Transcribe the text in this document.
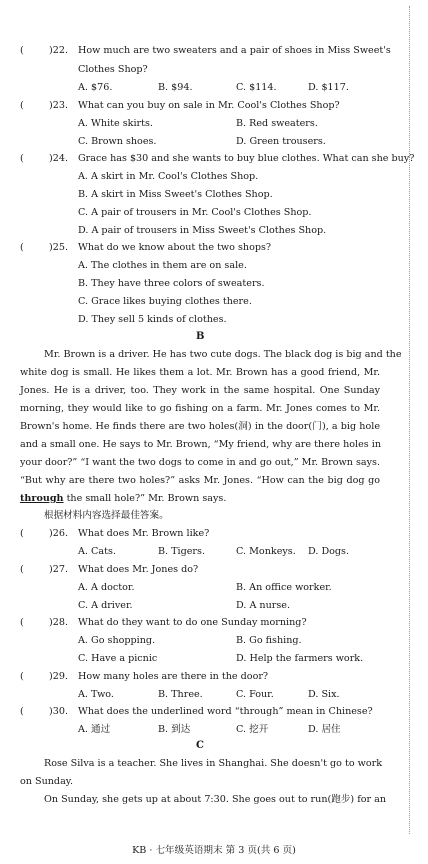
(	)22. How much are two sweaters and a pair of shoes in Miss Sweet's
Clothes Shop?
A. $76.	B. $94.	C. $114.	D. $117.
(	)23. What can you buy on sale in Mr. Cool's Clothes Shop?
A. White skirts.	B. Red sweaters.
C. Brown shoes.	D. Green trousers.
(	)24. Grace has $30 and she wants to buy blue clothes. What can she buy?
A. A skirt in Mr. Cool's Clothes Shop.
B. A skirt in Miss Sweet's Clothes Shop.
C. A pair of trousers in Mr. Cool's Clothes Shop.
D. A pair of trousers in Miss Sweet's Clothes Shop.
(	)25. What do we know about the two shops?
A. The clothes in them are on sale.
B. They have three colors of sweaters.
C. Grace likes buying clothes there.
D. They sell 5 kinds of clothes.
B
Mr. Brown is a driver. He has two cute dogs. The black dog is big and the
white dog is small. He likes them a lot. Mr. Brown has a good friend, Mr.
Jones. He is a driver, too. They work in the same hospital. One Sunday
morning, they would like to go fishing on a farm. Mr. Jones comes to Mr.
Brown's home. He finds there are two holes(洞) in the door(门), a big hole
and a small one. He says to Mr. Brown, “My friend, why are there holes in
your door?” “I want the two dogs to come in and go out,” Mr. Brown says.
“But why are there two holes?” asks Mr. Jones. “How can the big dog go
through the small hole?” Mr. Brown says.
根据材料内容选择最佳答案。
(	)26. What does Mr. Brown like?
A. Cats.	B. Tigers.	C. Monkeys. D. Dogs.
(	)27. What does Mr. Jones do?
A. A doctor.	B. An office worker.
C. A driver.	D. A nurse.
(	)28. What do they want to do one Sunday morning?
A. Go shopping.	B. Go fishing.
C. Have a picnic	D. Help the farmers work.
(	)29. How many holes are there in the door?
A. Two.	B. Three.	C. Four.	D. Six.
(	)30. What does the underlined word “through” mean in Chinese?
A. 通过	B. 到达	C. 挖开	D. 居住
C
Rose Silva is a teacher. She lives in Shanghai. She doesn't go to work
on Sunday.
On Sunday, she gets up at about 7:30. She goes out to run(跑步) for an
KB · 七年级英语期末 第 3 页(共 6 页)
